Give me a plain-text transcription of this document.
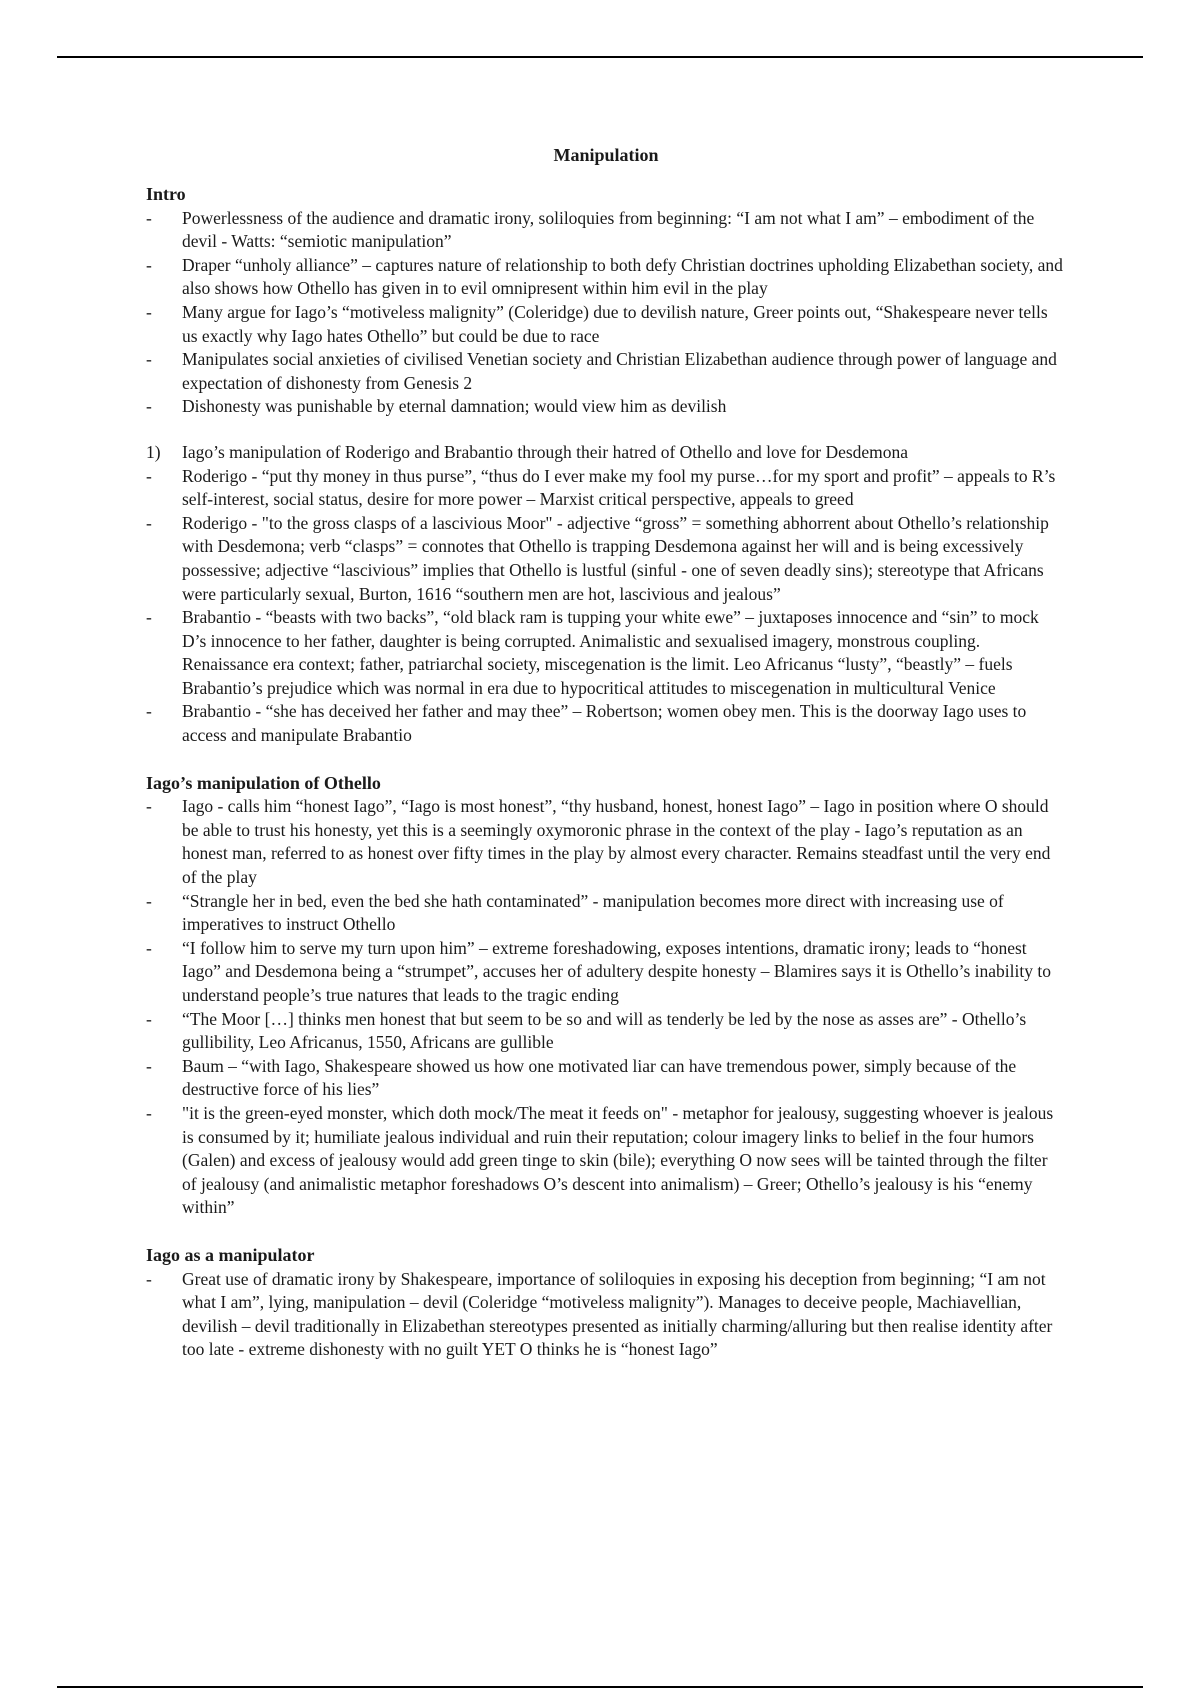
Manipulation

Intro

-	Powerlessness of the audience and dramatic irony, soliloquies from beginning: “I am not what I am” – embodiment of the devil - Watts: “semiotic manipulation”
-	Draper “unholy alliance” – captures nature of relationship to both defy Christian doctrines upholding Elizabethan society, and also shows how Othello has given in to evil omnipresent within him evil in the play
-	Many argue for Iago’s “motiveless malignity” (Coleridge) due to devilish nature, Greer points out, “Shakespeare never tells us exactly why Iago hates Othello” but could be due to race
-	Manipulates social anxieties of civilised Venetian society and Christian Elizabethan audience through power of language and expectation of dishonesty from Genesis 2
-	Dishonesty was punishable by eternal damnation; would view him as devilish

1) Iago’s manipulation of Roderigo and Brabantio through their hatred of Othello and love for Desdemona

-	Roderigo - “put thy money in thus purse”, “thus do I ever make my fool my purse…for my sport and profit” – appeals to R’s self-interest, social status, desire for more power – Marxist critical perspective, appeals to greed
-	Roderigo - "to the gross clasps of a lascivious Moor" - adjective “gross” = something abhorrent about Othello’s relationship with Desdemona; verb “clasps” = connotes that Othello is trapping Desdemona against her will and is being excessively possessive; adjective “lascivious” implies that Othello is lustful (sinful - one of seven deadly sins); stereotype that Africans were particularly sexual, Burton, 1616 “southern men are hot, lascivious and jealous”
-	Brabantio - “beasts with two backs”, “old black ram is tupping your white ewe” – juxtaposes innocence and “sin” to mock D’s innocence to her father, daughter is being corrupted. Animalistic and sexualised imagery, monstrous coupling. Renaissance era context; father, patriarchal society, miscegenation is the limit. Leo Africanus “lusty”, “beastly” – fuels Brabantio’s prejudice which was normal in era due to hypocritical attitudes to miscegenation in multicultural Venice
-	Brabantio - “she has deceived her father and may thee” – Robertson; women obey men. This is the doorway Iago uses to access and manipulate Brabantio

Iago’s manipulation of Othello

-	Iago - calls him “honest Iago”, “Iago is most honest”, “thy husband, honest, honest Iago” – Iago in position where O should be able to trust his honesty, yet this is a seemingly oxymoronic phrase in the context of the play - Iago’s reputation as an honest man, referred to as honest over fifty times in the play by almost every character. Remains steadfast until the very end of the play
-	“Strangle her in bed, even the bed she hath contaminated” - manipulation becomes more direct with increasing use of imperatives to instruct Othello
-	“I follow him to serve my turn upon him” – extreme foreshadowing, exposes intentions, dramatic irony; leads to “honest Iago” and Desdemona being a “strumpet”, accuses her of adultery despite honesty – Blamires says it is Othello’s inability to understand people’s true natures that leads to the tragic ending
-	“The Moor […] thinks men honest that but seem to be so and will as tenderly be led by the nose as asses are” - Othello’s gullibility, Leo Africanus, 1550, Africans are gullible
-	Baum – “with Iago, Shakespeare showed us how one motivated liar can have tremendous power, simply because of the destructive force of his lies”
-	"it is the green-eyed monster, which doth mock/The meat it feeds on" - metaphor for jealousy, suggesting whoever is jealous is consumed by it; humiliate jealous individual and ruin their reputation; colour imagery links to belief in the four humors (Galen) and excess of jealousy would add green tinge to skin (bile); everything O now sees will be tainted through the filter of jealousy (and animalistic metaphor foreshadows O’s descent into animalism) – Greer; Othello’s jealousy is his “enemy within”

Iago as a manipulator

-	Great use of dramatic irony by Shakespeare, importance of soliloquies in exposing his deception from beginning; “I am not what I am”, lying, manipulation – devil (Coleridge “motiveless malignity”). Manages to deceive people, Machiavellian, devilish – devil traditionally in Elizabethan stereotypes presented as initially charming/alluring but then realise identity after too late - extreme dishonesty with no guilt YET O thinks he is “honest Iago”
